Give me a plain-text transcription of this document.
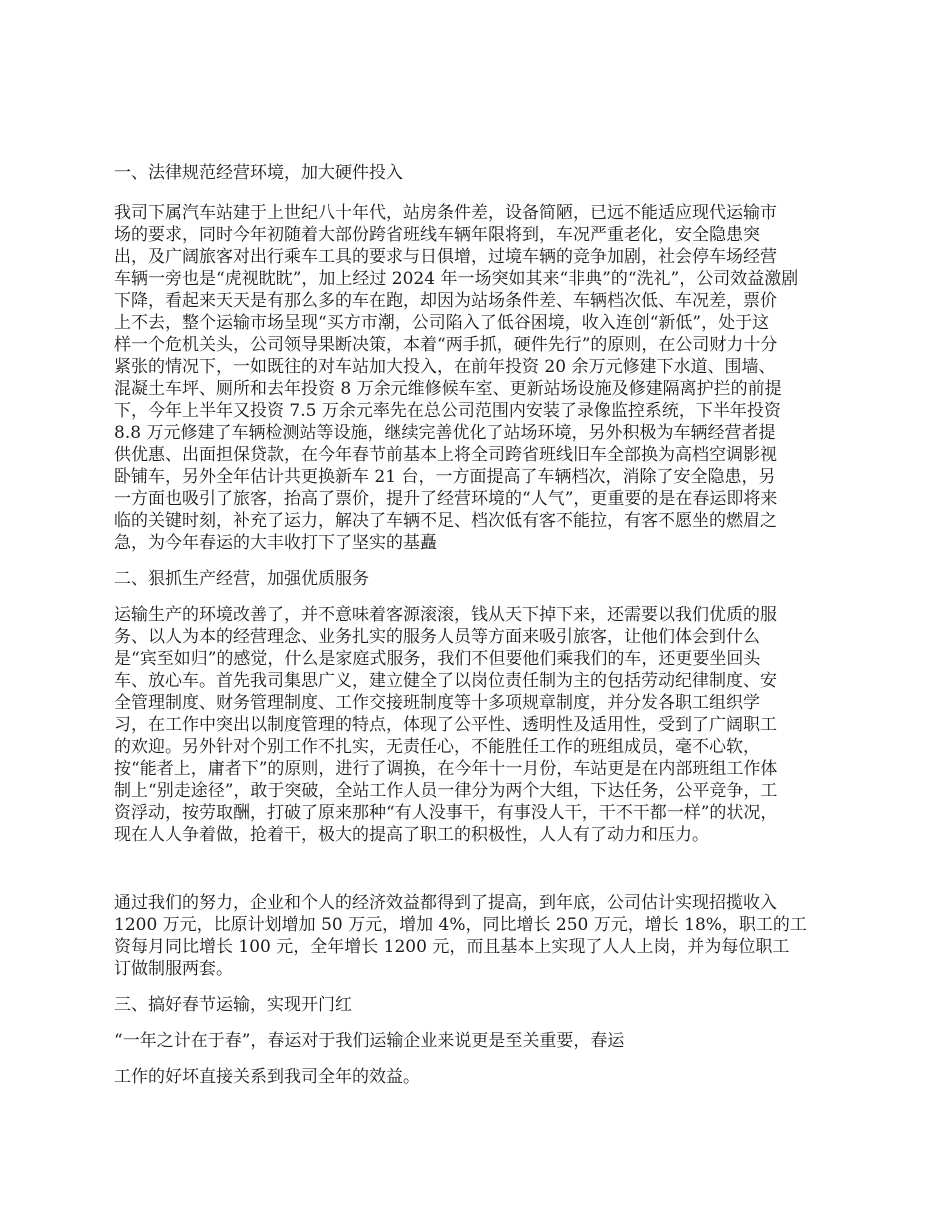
一、法律规范经营环境，加大硬件投入
我司下属汽车站建于上世纪八十年代，站房条件差，设备简陋，已远不能适应现代运输市
场的要求，同时今年初随着大部份跨省班线车辆年限将到，车况严重老化，安全隐患突
出，及广阔旅客对出行乘车工具的要求与日俱增，过境车辆的竞争加剧，社会停车场经营
车辆一旁也是“虎视眈眈”，加上经过 2024 年一场突如其来“非典”的“洗礼”，公司效益激剧
下降，看起来天天是有那么多的车在跑，却因为站场条件差、车辆档次低、车况差，票价
上不去，整个运输市场呈现“买方市潮，公司陷入了低谷困境，收入连创“新低”，处于这
样一个危机关头，公司领导果断决策，本着“两手抓，硬件先行”的原则，在公司财力十分
紧张的情况下，一如既往的对车站加大投入，在前年投资 20 余万元修建下水道、围墙、
混凝土车坪、厕所和去年投资 8 万余元维修候车室、更新站场设施及修建隔离护拦的前提
下，今年上半年又投资 7.5 万余元率先在总公司范围内安装了录像监控系统，下半年投资
8.8 万元修建了车辆检测站等设施，继续完善优化了站场环境，另外积极为车辆经营者提
供优惠、出面担保贷款，在今年春节前基本上将全司跨省班线旧车全部换为高档空调影视
卧铺车，另外全年估计共更换新车 21 台，一方面提高了车辆档次，消除了安全隐患，另
一方面也吸引了旅客，抬高了票价，提升了经营环境的“人气”，更重要的是在春运即将来
临的关键时刻，补充了运力，解决了车辆不足、档次低有客不能拉，有客不愿坐的燃眉之
急，为今年春运的大丰收打下了坚实的基矗
二、狠抓生产经营，加强优质服务
运输生产的环境改善了，并不意味着客源滚滚，钱从天下掉下来，还需要以我们优质的服
务、以人为本的经营理念、业务扎实的服务人员等方面来吸引旅客，让他们体会到什么
是“宾至如归”的感觉，什么是家庭式服务，我们不但要他们乘我们的车，还更要坐回头
车、放心车。首先我司集思广义，建立健全了以岗位责任制为主的包括劳动纪律制度、安
全管理制度、财务管理制度、工作交接班制度等十多项规章制度，并分发各职工组织学
习，在工作中突出以制度管理的特点，体现了公平性、透明性及适用性，受到了广阔职工
的欢迎。另外针对个别工作不扎实，无责任心，不能胜任工作的班组成员，毫不心软，
按“能者上，庸者下”的原则，进行了调换，在今年十一月份，车站更是在内部班组工作体
制上“别走途径”，敢于突破，全站工作人员一律分为两个大组，下达任务，公平竞争，工
资浮动，按劳取酬，打破了原来那种“有人没事干，有事没人干，干不干都一样”的状况，
现在人人争着做，抢着干，极大的提高了职工的积极性，人人有了动力和压力。
通过我们的努力，企业和个人的经济效益都得到了提高，到年底，公司估计实现招揽收入
1200 万元，比原计划增加 50 万元，增加 4%，同比增长 250 万元，增长 18%，职工的工
资每月同比增长 100 元，全年增长 1200 元，而且基本上实现了人人上岗，并为每位职工
订做制服两套。
三、搞好春节运输，实现开门红
“一年之计在于春”，春运对于我们运输企业来说更是至关重要，春运
工作的好坏直接关系到我司全年的效益。
